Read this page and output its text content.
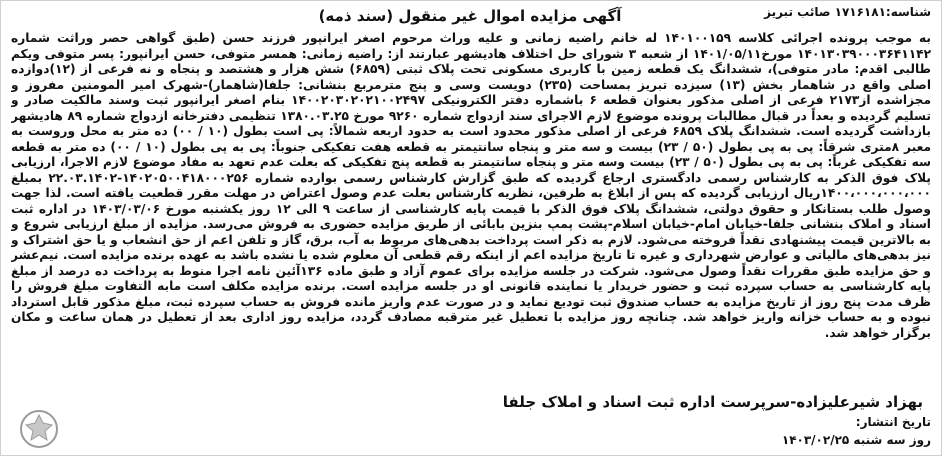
شناسه:۱۷۱۶۱۸۱ صائب تبریز
آگهی مزایده اموال غیر منقول (سند ذمه)
به موجب پرونده اجرائی کلاسه ۱۴۰۱۰۰۱۵۹ له خانم راضیه زمانی و علیه وراث مرحوم اصغر ایرانپور فرزند حسن (طبق گواهی حصر وراثت شماره ۱۴۰۱۳۰۳۹۰۰۰۳۶۴۱۱۴۲ مورخ۱۴۰۱/۰۵/۱۱ از شعبه ۳ شورای حل اختلاف هادیشهر عبارتند از: راضیه زمانی: همسر متوفی، حسن ایرانپور: پسر متوفی ویکم طالبی اقدم: مادر متوفی)، ششدانگ یک قطعه زمین با کاربری مسکونی تحت پلاک ثبتی (۶۸۵۹) شش هزار و هشتصد و پنجاه و نه فرعی از (۱۲)دوازده اصلی واقع در شاهمار بخش (۱۳) سیزده تبریز بمساحت (۲۳۵) دویست وسی و پنج مترمربع بنشانی: جلفا(شاهمار)-شهرک امیر المومنین مفروز و مجزاشده از۲۱۷۳ فرعی از اصلی مذکور بعنوان قطعه ۶ باشماره دفتر الکترونیکی ۱۴۰۰۲۰۳۰۲۰۲۱۰۰۲۴۹۷ بنام اصغر ایرانپور ثبت وسند مالکیت صادر و تسلیم گردیده و بعداً در قبال مطالبات پرونده موضوع لازم الاجرای سند ازدواج شماره ۹۲۶۰ مورخ ۱۳۸۰.۰۳.۲۵ تنظیمی دفترخانه ازدواج شماره ۸۹ هادیشهر بازداشت گردیده است. ششدانگ پلاک ۶۸۵۹ فرعی از اصلی مذکور محدود است به حدود اربعه شمالاً: پی است بطول (۱۰ / ۰۰) ده متر به محل وروست به معبر ۸متری شرقاً: پی به پی بطول (۵۰ / ۲۳) بیست و سه متر و پنجاه سانتیمتر به قطعه هفت تفکیکی جنوباً: پی به پی بطول (۱۰ / ۰۰) ده متر به قطعه سه تفکیکی غرباً: پی به پی بطول (۵۰ / ۲۳) بیست وسه متر و پنجاه سانتیمتر به قطعه پنج تفکیکی که بعلت عدم تعهد به مفاد موضوع لازم الاجرا، ارزیابی پلاک فوق الذکر به کارشناس رسمی دادگستری ارجاع گردیده که طبق گزارش کارشناس رسمی بوارده شماره ۱۴۰۲۰۵۰۰۴۱۸۰۰۰۲۵۶-۲۲.۰۳.۱۴۰۲ بمبلغ ۱۴۰۰،۰۰۰،۰۰۰،۰۰۰ریال ارزیابی گردیده که پس از ابلاغ به طرفین، نظریه کارشناس بعلت عدم وصول اعتراض در مهلت مقرر قطعیت یافته است. لذا جهت وصول طلب بستانکار و حقوق دولتی، ششدانگ پلاک فوق الذکر با قیمت پایه کارشناسی از ساعت ۹ الی ۱۲ روز یکشنبه مورخ ۱۴۰۳/۰۳/۰۶ در اداره ثبت اسناد و املاک بنشانی جلفا-خیابان امام-خیابان اسلام-پشت پمپ بنزین بابائی از طریق مزایده حضوری به فروش می‌رسد. مزایده از مبلغ ارزیابی شروع و به بالاترین قیمت پیشنهادی نقداً فروخته می‌شود. لازم به ذکر است پرداخت بدهی‌های مربوط به آب، برق، گاز و تلفن اعم از حق انشعاب و یا حق اشتراک و نیز بدهی‌های مالیاتی و عوارض شهرداری و غیره تا تاریخ مزایده اعم از اینکه رقم قطعی آن معلوم شده یا نشده باشد به عهده برنده مزایده است. نیم‌عشر و حق مزایده طبق مقررات نقداً وصول می‌شود. شرکت در جلسه مزایده برای عموم آزاد و طبق ماده ۱۳۶آئین نامه اجرا منوط به پرداخت ده درصد از مبلغ پایه کارشناسی به حساب سپرده ثبت و حضور خریدار یا نماینده قانونی او در جلسه مزایده است. برنده مزایده مکلف است مابه التفاوت مبلغ فروش را ظرف مدت پنج روز از تاریخ مزایده به حساب صندوق ثبت تودیع نماید و در صورت عدم واریز مانده فروش به حساب سپرده ثبت، مبلغ مذکور قابل استرداد نبوده و به حساب خزانه واریز خواهد شد. چنانچه روز مزایده با تعطیل غیر مترقبه مصادف گردد، مزایده روز اداری بعد از تعطیل در همان ساعت و مکان برگزار خواهد شد.
بهزاد شیرعلیزاده-سرپرست اداره ثبت اسناد و املاک جلفا
تاریخ انتشار:
روز سه شنبه ۱۴۰۳/۰۲/۲۵
